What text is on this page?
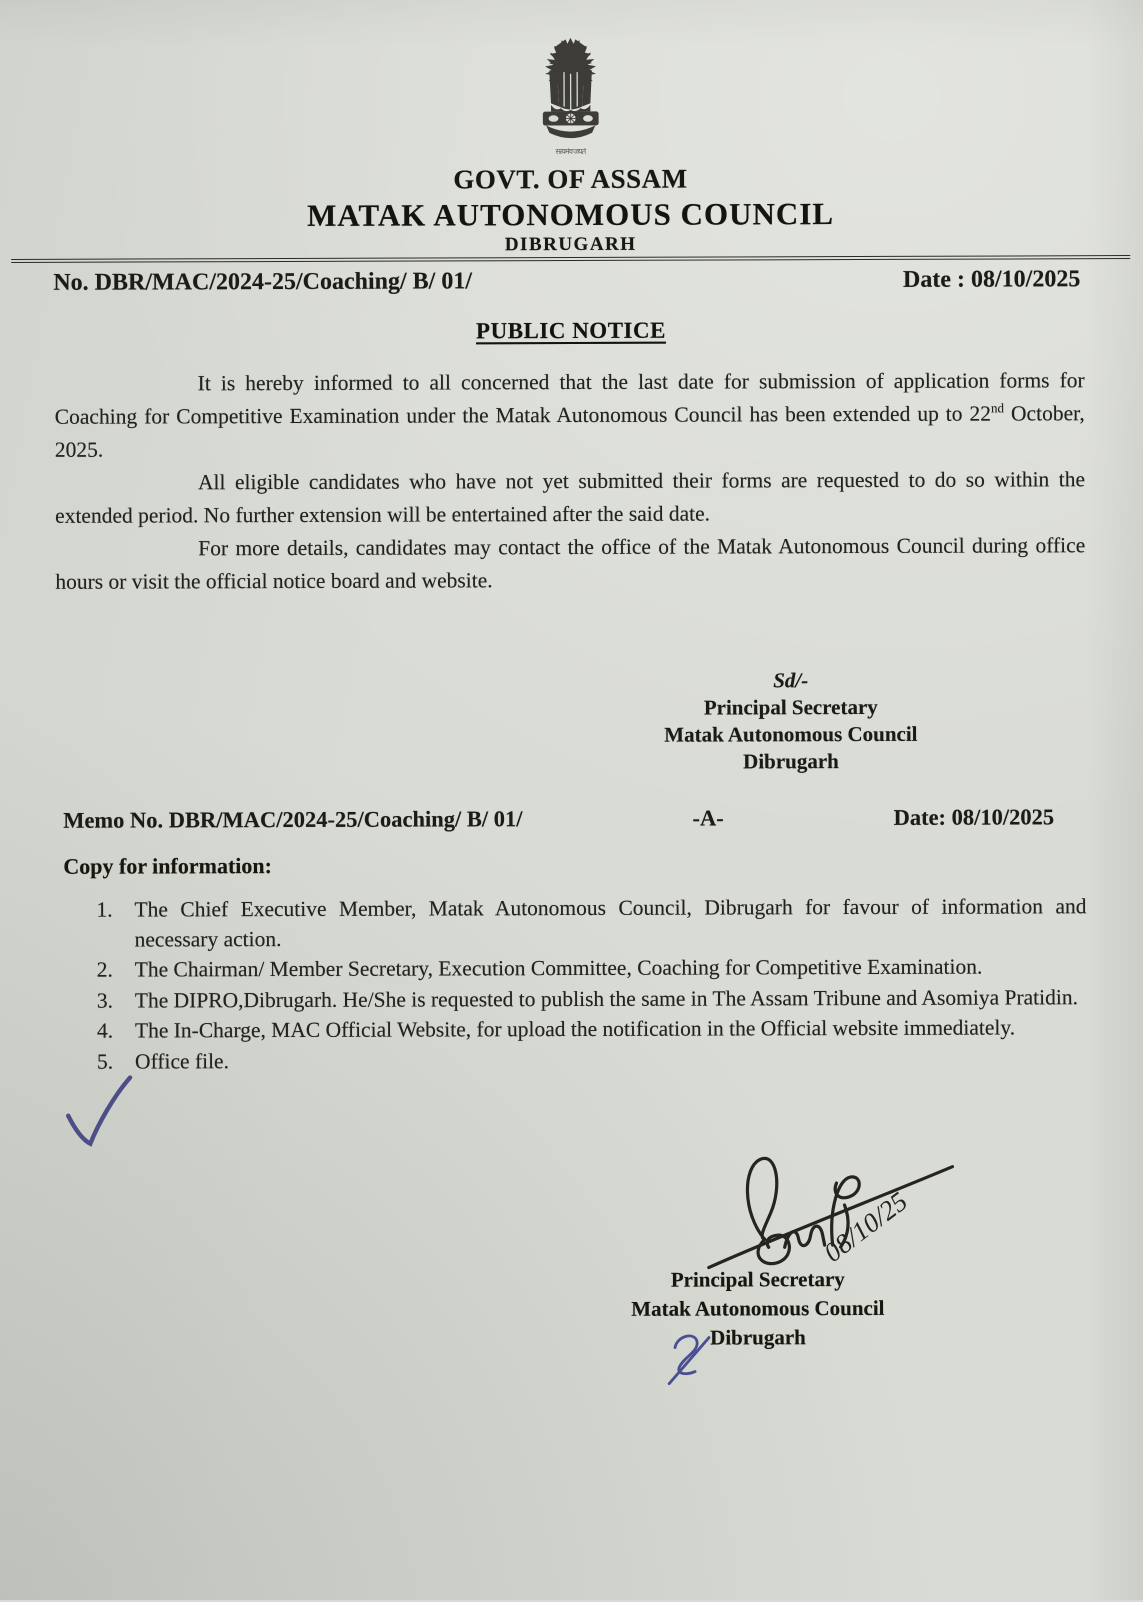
सत्यमेव जयते
GOVT. OF ASSAM
MATAK AUTONOMOUS COUNCIL
DIBRUGARH
No. DBR/MAC/2024-25/Coaching/ B/ 01/	Date : 08/10/2025
PUBLIC NOTICE

It is hereby informed to all concerned that the last date for submission of application forms for Coaching for Competitive Examination under the Matak Autonomous Council has been extended up to 22nd October, 2025.

All eligible candidates who have not yet submitted their forms are requested to do so within the extended period. No further extension will be entertained after the said date.

For more details, candidates may contact the office of the Matak Autonomous Council during office hours or visit the official notice board and website.

Sd/-
Principal Secretary
Matak Autonomous Council
Dibrugarh
Memo No. DBR/MAC/2024-25/Coaching/ B/ 01/	-A-	Date: 08/10/2025
Copy for information:
1.	The Chief Executive Member, Matak Autonomous Council, Dibrugarh for favour of information and necessary action.
2.	The Chairman/ Member Secretary, Execution Committee, Coaching for Competitive Examination.
3.	The DIPRO,Dibrugarh. He/She is requested to publish the same in The Assam Tribune and Asomiya Pratidin.
4.	The In-Charge, MAC Official Website, for upload the notification in the Official website immediately.
5.	Office file.
08/10/25
Principal Secretary
Matak Autonomous Council
Dibrugarh
